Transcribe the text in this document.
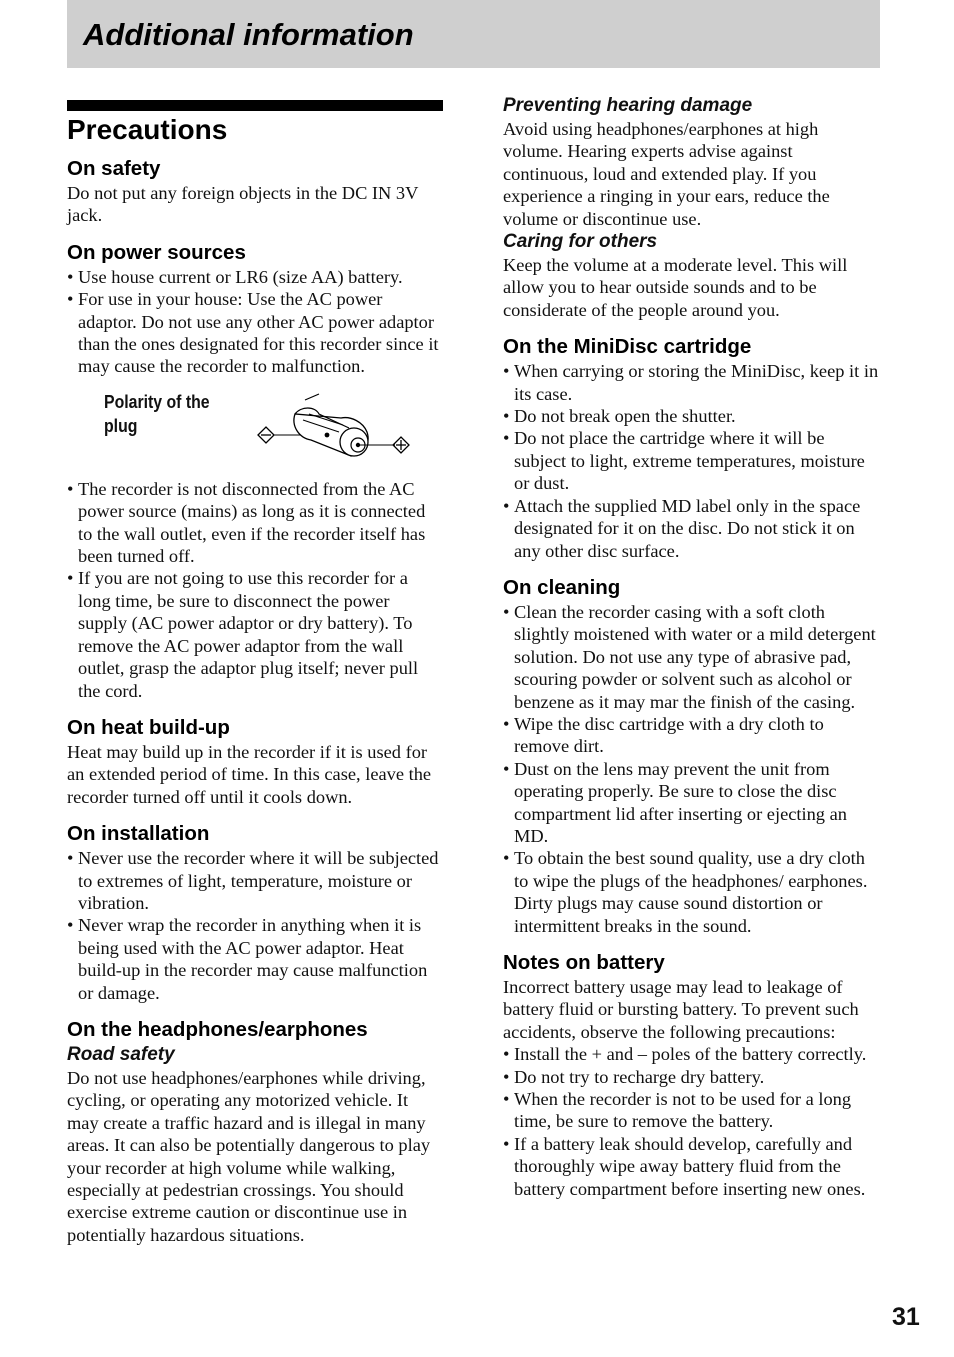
Additional information
Precautions
On safety

Do not put any foreign objects in the DC IN 3V jack.

On power sources
• Use house current or LR6 (size AA) battery.
• For use in your house: Use the AC power adaptor. Do not use any other AC power adaptor than the ones designated for this recorder since it may cause the recorder to malfunction.
Polarity of the plug
• The recorder is not disconnected from the AC power source (mains) as long as it is connected to the wall outlet, even if the recorder itself has been turned off.
• If you are not going to use this recorder for a long time, be sure to disconnect the power supply (AC power adaptor or dry battery). To remove the AC power adaptor from the wall outlet, grasp the adaptor plug itself; never pull the cord.
On heat build-up

Heat may build up in the recorder if it is used for an extended period of time. In this case, leave the recorder turned off until it cools down.

On installation
• Never use the recorder where it will be subjected to extremes of light, temperature, moisture or vibration.
• Never wrap the recorder in anything when it is being used with the AC power adaptor. Heat build-up in the recorder may cause malfunction or damage.
On the headphones/earphones
Road safety

Do not use headphones/earphones while driving, cycling, or operating any motorized vehicle. It may create a traffic hazard and is illegal in many areas. It can also be potentially dangerous to play your recorder at high volume while walking, especially at pedestrian crossings. You should exercise extreme caution or discontinue use in potentially hazardous situations.

Preventing hearing damage

Avoid using headphones/earphones at high volume. Hearing experts advise against continuous, loud and extended play. If you experience a ringing in your ears, reduce the volume or discontinue use.

Caring for others

Keep the volume at a moderate level. This will allow you to hear outside sounds and to be considerate of the people around you.

On the MiniDisc cartridge
• When carrying or storing the MiniDisc, keep it in its case.
• Do not break open the shutter.
• Do not place the cartridge where it will be subject to light, extreme temperatures, moisture or dust.
• Attach the supplied MD label only in the space designated for it on the disc. Do not stick it on any other disc surface.
On cleaning
• Clean the recorder casing with a soft cloth slightly moistened with water or a mild detergent solution. Do not use any type of abrasive pad, scouring powder or solvent such as alcohol or benzene as it may mar the finish of the casing.
• Wipe the disc cartridge with a dry cloth to remove dirt.
• Dust on the lens may prevent the unit from operating properly. Be sure to close the disc compartment lid after inserting or ejecting an MD.
• To obtain the best sound quality, use a dry cloth to wipe the plugs of the headphones/ earphones. Dirty plugs may cause sound distortion or intermittent breaks in the sound.
Notes on battery

Incorrect battery usage may lead to leakage of battery fluid or bursting battery. To prevent such accidents, observe the following precautions:

• Install the + and – poles of the battery correctly.
• Do not try to recharge dry battery.
• When the recorder is not to be used for a long time, be sure to remove the battery.
• If a battery leak should develop, carefully and thoroughly wipe away battery fluid from the battery compartment before inserting new ones.
31
